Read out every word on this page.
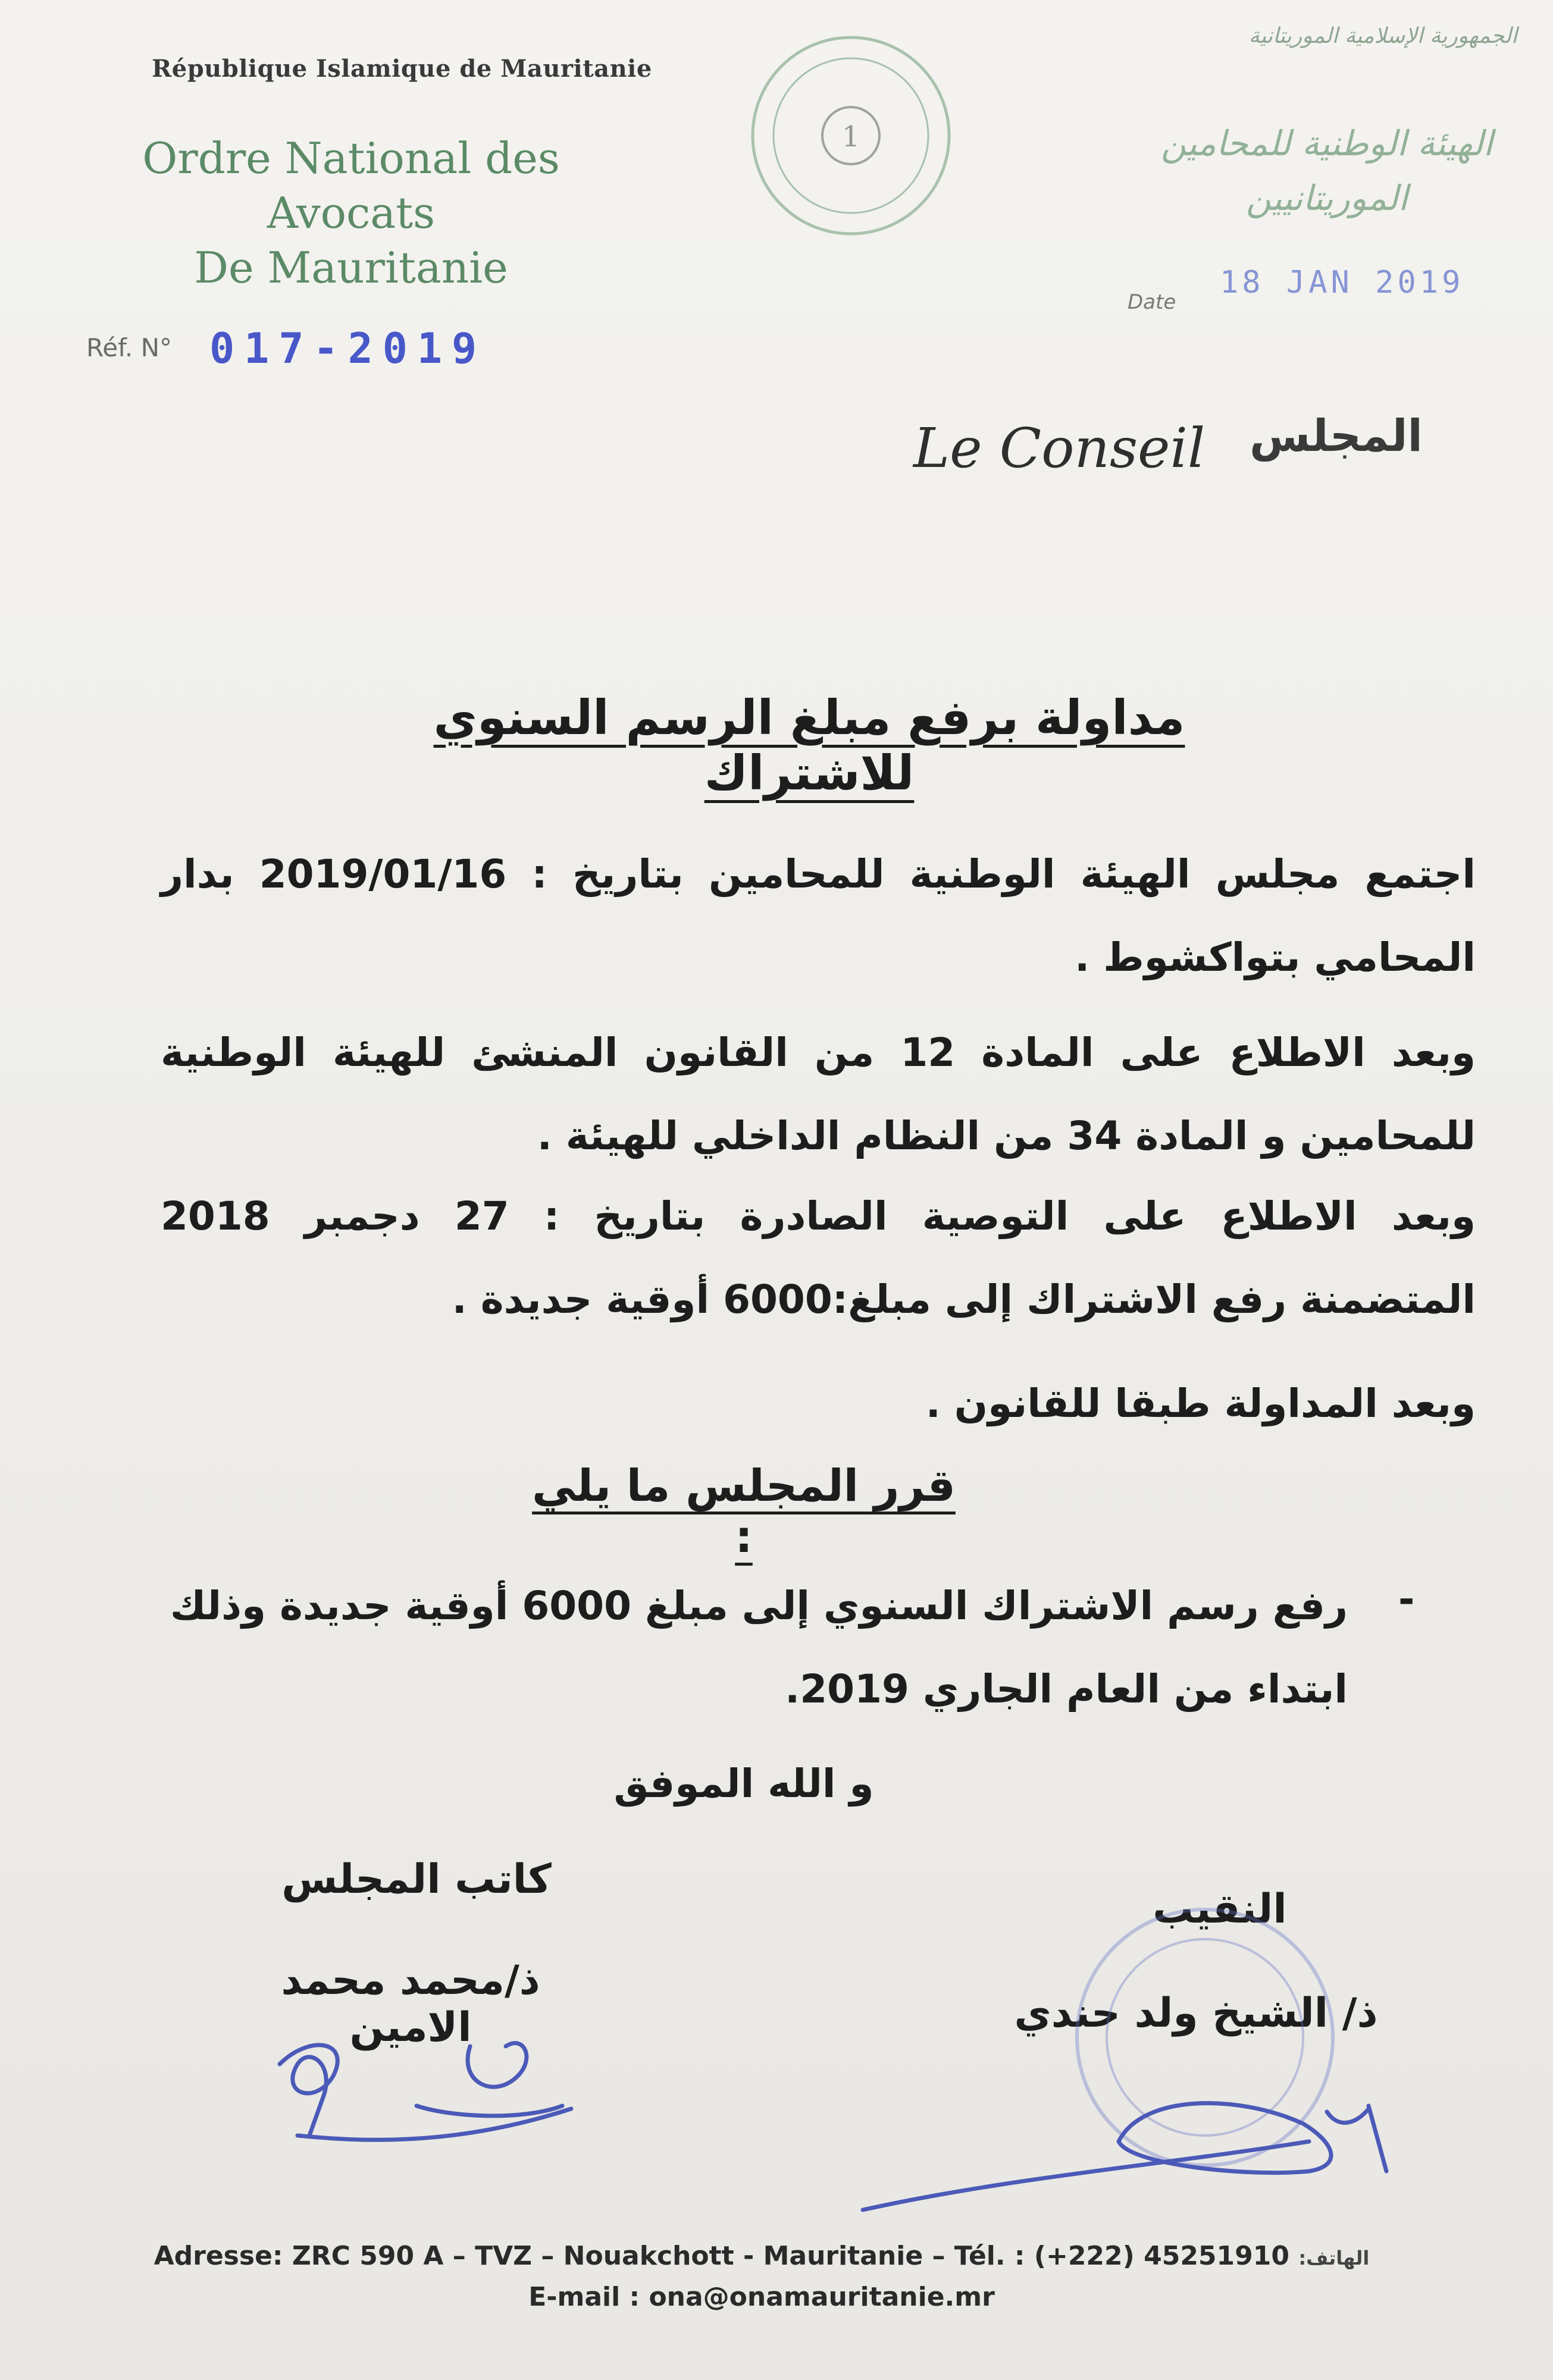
République Islamique de Mauritanie
Ordre National des Avocats
De Mauritanie
Réf. N° 017-2019
الجمهورية الإسلامية الموريتانية
الهيئة الوطنية للمحامين
الموريتانيين
Date
18 JAN 2019
Le Conseil المجلس
مداولة برفع مبلغ الرسم السنوي للاشتراك
اجتمع مجلس الهيئة الوطنية للمحامين بتاريخ : 2019/01/16 بدار المحامي بتواكشوط .
وبعد الاطلاع على المادة 12 من القانون المنشئ للهيئة الوطنية للمحامين و المادة 34 من النظام الداخلي للهيئة .
وبعد الاطلاع على التوصية الصادرة بتاريخ : 27 دجمبر 2018 المتضمنة رفع الاشتراك إلى مبلغ:6000 أوقية جديدة .
وبعد المداولة طبقا للقانون .
قرر المجلس ما يلي :
-
رفع رسم الاشتراك السنوي إلى مبلغ 6000 أوقية جديدة وذلك ابتداء من العام الجاري 2019.
و الله الموفق
كاتب المجلس
ذ/محمد محمد الامين
النقيب
ذ/ الشيخ ولد حندي
1
Adresse: ZRC 590 A – TVZ – Nouakchott - Mauritanie – Tél. : (+222) 45251910 :الهاتف
E-mail : ona@onamauritanie.mr
